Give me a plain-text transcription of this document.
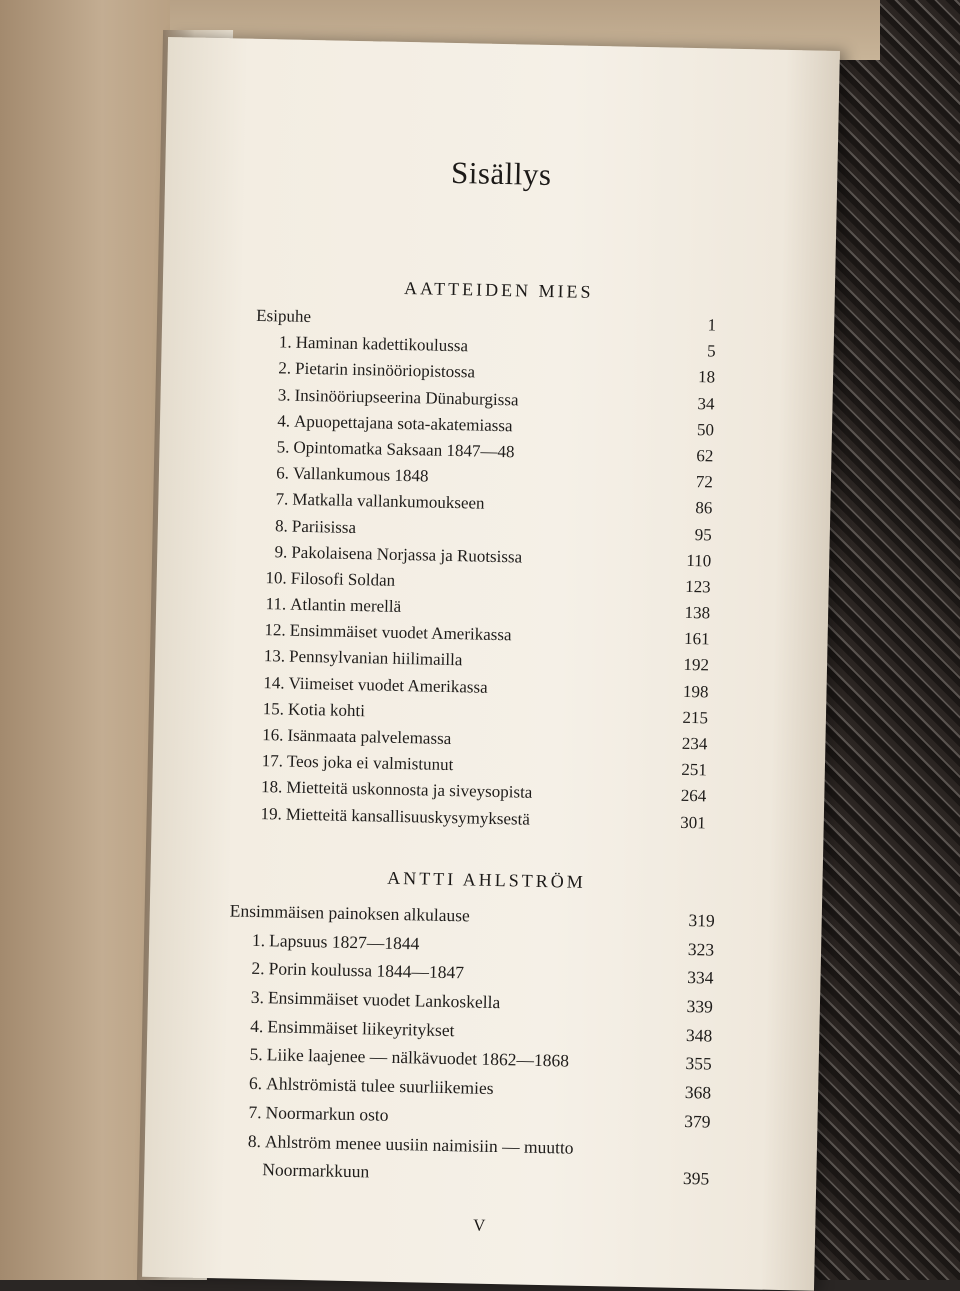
Sisällys
AATTEIDEN MIES
Esipuhe	1
1. Haminan kadettikoulussa	5
2. Pietarin insinööriopistossa	18
3. Insinööriupseerina Dünaburgissa	34
4. Apuopettajana sota-akatemiassa	50
5. Opintomatka Saksaan 1847—48	62
6. Vallankumous 1848	72
7. Matkalla vallankumoukseen	86
8. Pariisissa	95
9. Pakolaisena Norjassa ja Ruotsissa	110
10. Filosofi Soldan	123
11. Atlantin merellä	138
12. Ensimmäiset vuodet Amerikassa	161
13. Pennsylvanian hiilimailla	192
14. Viimeiset vuodet Amerikassa	198
15. Kotia kohti	215
16. Isänmaata palvelemassa	234
17. Teos joka ei valmistunut	251
18. Mietteitä uskonnosta ja siveysopista	264
19. Mietteitä kansallisuuskysymyksestä	301
ANTTI AHLSTRÖM
Ensimmäisen painoksen alkulause	319
1. Lapsuus 1827—1844	323
2. Porin koulussa 1844—1847	334
3. Ensimmäiset vuodet Lankoskella	339
4. Ensimmäiset liikeyritykset	348
5. Liike laajenee — nälkävuodet 1862—1868	355
6. Ahlströmistä tulee suurliikemies	368
7. Noormarkun osto	379
8. Ahlström menee uusiin naimisiin — muutto
Noormarkkuun	395
V
